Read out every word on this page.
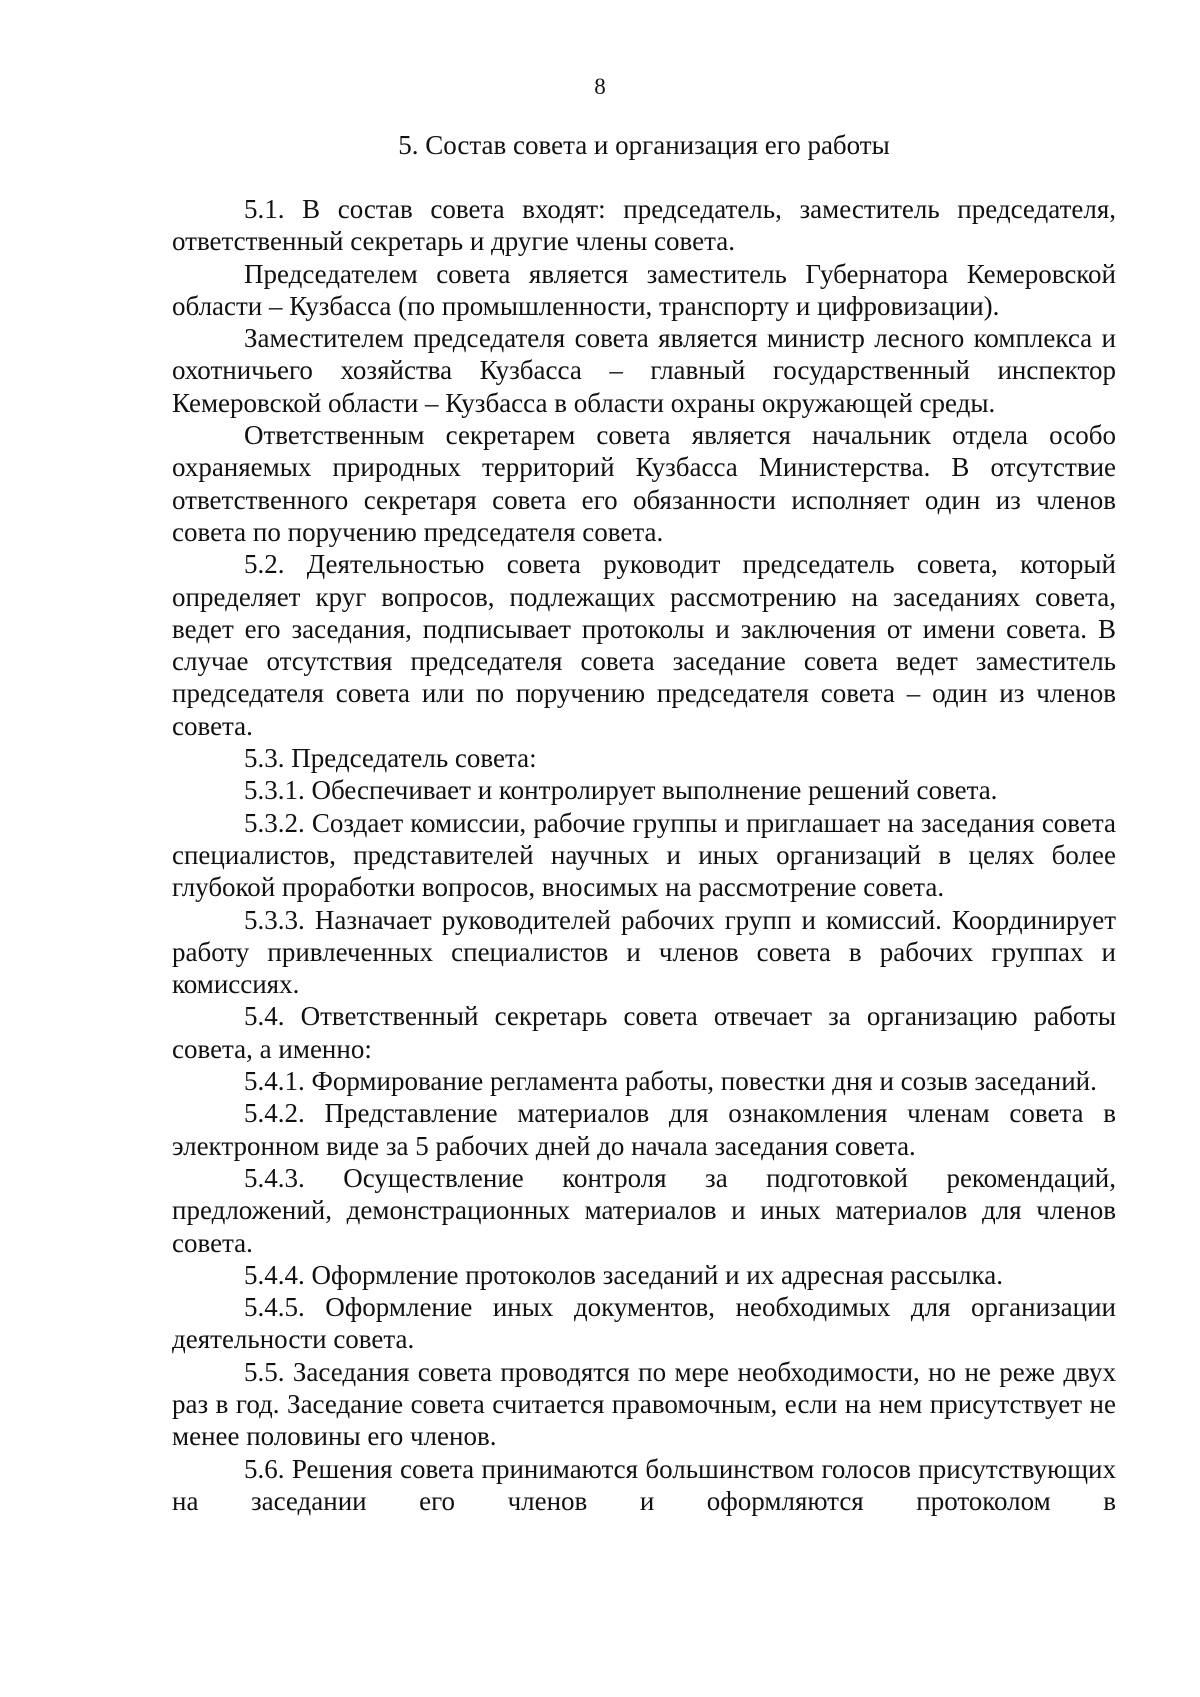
8
5. Состав совета и организация его работы

5.1. В состав совета входят: председатель, заместитель председателя, ответственный секретарь и другие члены совета.

Председателем совета является заместитель Губернатора Кемеровской области – Кузбасса (по промышленности, транспорту и цифровизации).

Заместителем председателя совета является министр лесного комплекса и охотничьего хозяйства Кузбасса – главный государственный инспектор Кемеровской области – Кузбасса в области охраны окружающей среды.

Ответственным секретарем совета является начальник отдела особо охраняемых природных территорий Кузбасса Министерства. В отсутствие ответственного секретаря совета его обязанности исполняет один из членов совета по поручению председателя совета.

5.2. Деятельностью совета руководит председатель совета, который определяет круг вопросов, подлежащих рассмотрению на заседаниях совета, ведет его заседания, подписывает протоколы и заключения от имени совета. В случае отсутствия председателя совета заседание совета ведет заместитель председателя совета или по поручению председателя совета – один из членов совета.

5.3. Председатель совета:

5.3.1. Обеспечивает и контролирует выполнение решений совета.

5.3.2. Создает комиссии, рабочие группы и приглашает на заседания совета специалистов, представителей научных и иных организаций в целях более глубокой проработки вопросов, вносимых на рассмотрение совета.

5.3.3. Назначает руководителей рабочих групп и комиссий. Координирует работу привлеченных специалистов и членов совета в рабочих группах и комиссиях.

5.4. Ответственный секретарь совета отвечает за организацию работы совета, а именно:

5.4.1. Формирование регламента работы, повестки дня и созыв заседаний.

5.4.2. Представление материалов для ознакомления членам совета в электронном виде за 5 рабочих дней до начала заседания совета.

5.4.3. Осуществление контроля за подготовкой рекомендаций, предложений, демонстрационных материалов и иных материалов для членов совета.

5.4.4. Оформление протоколов заседаний и их адресная рассылка.

5.4.5. Оформление иных документов, необходимых для организации деятельности совета.

5.5. Заседания совета проводятся по мере необходимости, но не реже двух раз в год. Заседание совета считается правомочным, если на нем присутствует не менее половины его членов.

5.6. Решения совета принимаются большинством голосов присутствующих на заседании его членов и оформляются протоколом в
